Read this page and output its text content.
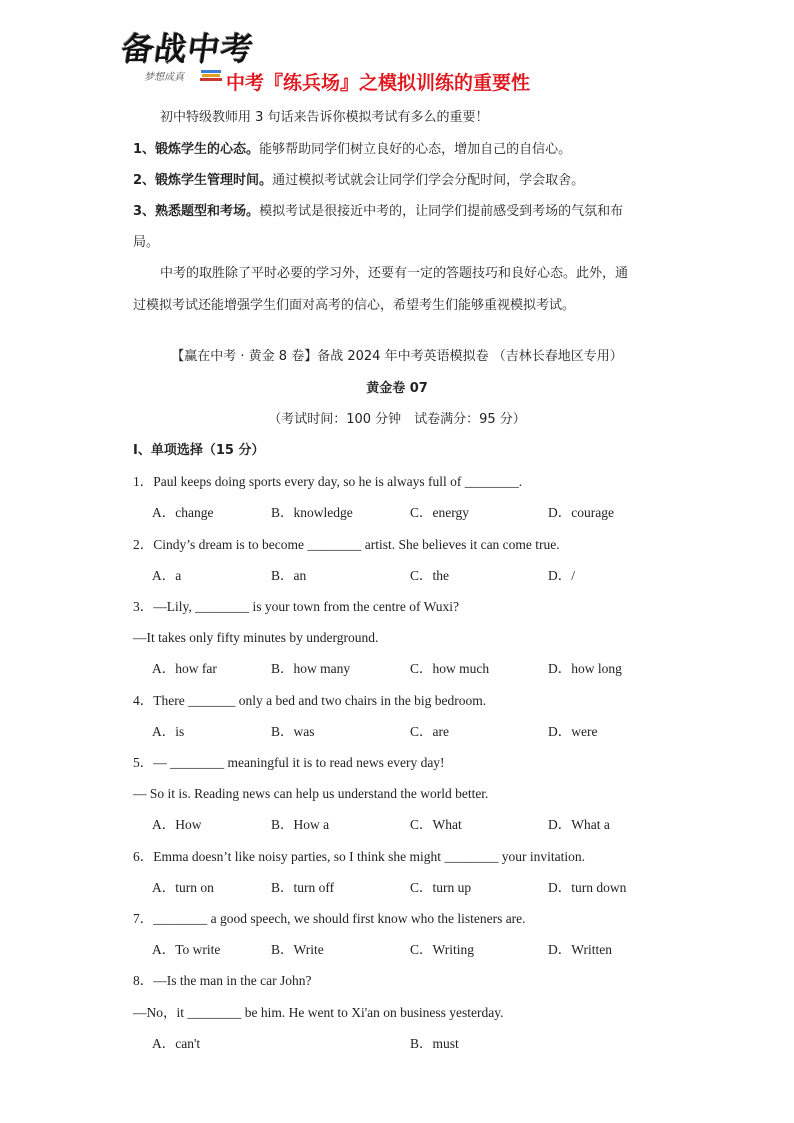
备战中考
梦想成真 中考『练兵场』之模拟训练的重要性
初中特级教师用 3 句话来告诉你模拟考试有多么的重要！
1、锻炼学生的心态。能够帮助同学们树立良好的心态，增加自己的自信心。
2、锻炼学生管理时间。通过模拟考试就会让同学们学会分配时间，学会取舍。
3、熟悉题型和考场。模拟考试是很接近中考的，让同学们提前感受到考场的气氛和布
局。
中考的取胜除了平时必要的学习外，还要有一定的答题技巧和良好心态。此外，通
过模拟考试还能增强学生们面对高考的信心，希望考生们能够重视模拟考试。
【赢在中考 · 黄金 8 卷】备战 2024 年中考英语模拟卷 （吉林长春地区专用）
黄金卷 07
（考试时间：100 分钟　试卷满分：95 分）
I、单项选择（15 分）
1．Paul keeps doing sports every day, so he is always full of ________.
A．change	B．knowledge	C．energy	D．courage
2．Cindy’s dream is to become ________ artist. She believes it can come true.
A．a	B．an	C．the	D．/
3．—Lily, ________ is your town from the centre of Wuxi?
—It takes only fifty minutes by underground.
A．how far	B．how many	C．how much	D．how long
4．There _______ only a bed and two chairs in the big bedroom.
A．is	B．was	C．are	D．were
5．— ________ meaningful it is to read news every day!
— So it is. Reading news can help us understand the world better.
A．How	B．How a	C．What	D．What a
6．Emma doesn’t like noisy parties, so I think she might ________ your invitation.
A．turn on	B．turn off	C．turn up	D．turn down
7．________ a good speech, we should first know who the listeners are.
A．To write	B．Write	C．Writing	D．Written
8．—Is the man in the car John?
—No，it ________ be him. He went to Xi'an on business yesterday.
A．can't	B．must
